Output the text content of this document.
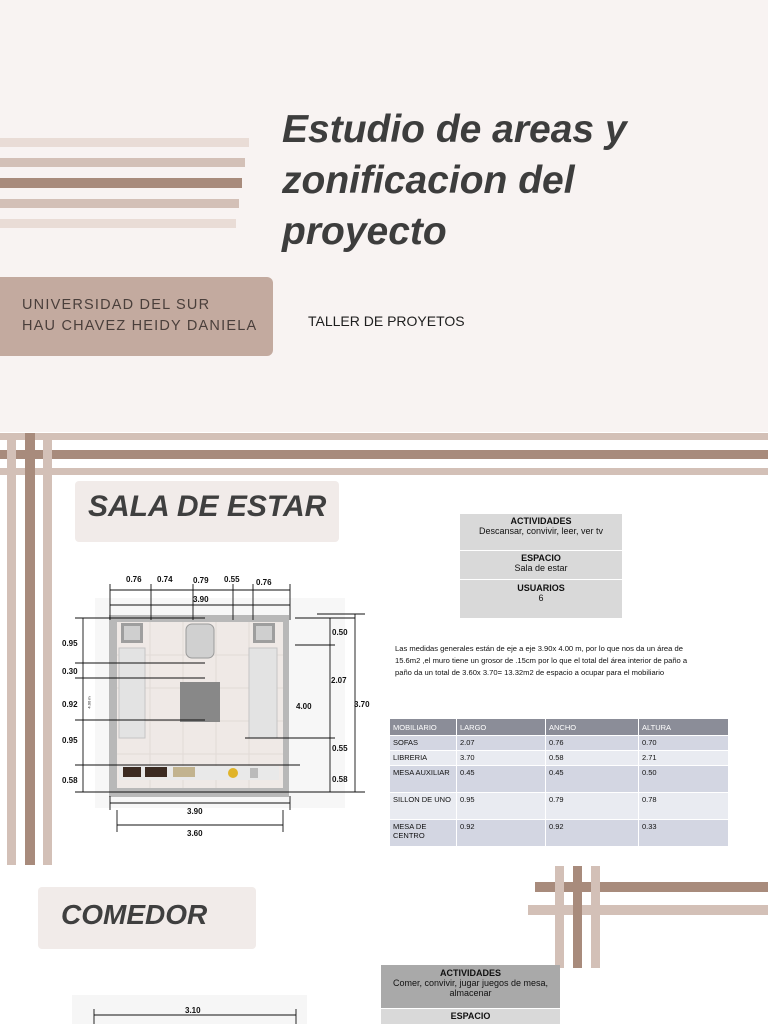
Estudio de areas y
zonificacion del
proyecto
UNIVERSIDAD DEL SUR
HAU CHAVEZ HEIDY DANIELA	TALLER DE PROYETOS
SALA DE ESTAR	ACTIVIDADES
Descansar, convivir, leer, ver tv
ESPACIO
Sala de estar
USUARIOS
6
Las medidas generales están de eje a eje 3.90x 4.00 m, por lo que nos da un área de 15.6m2 ,el muro tiene un grosor de .15cm por lo que el total del área interior de paño a paño da un total de 3.60x 3.70= 13.32m2 de espacio a ocupar para el mobiliario
0.76 0.74	0.79 0.55 0.76
3.90
0.95
0.30
0.92
0.95
0.58
0.50
2.07
0.55
0.58
4.00	3.70
4.00 m
3.90
3.60
MOBILIARIO	LARGO	ANCHO	ALTURA
SOFAS	2.07	0.76	0.70
LIBRERIA	3.70	0.58	2.71
MESA AUXILIAR	0.45	0.45	0.50
SILLON DE UNO	0.95	0.79	0.78
MESA DE CENTRO	0.92	0.92	0.33
COMEDOR
ACTIVIDADES
Comer, convivir, jugar juegos de mesa, almacenar
ESPACIO
3.10
